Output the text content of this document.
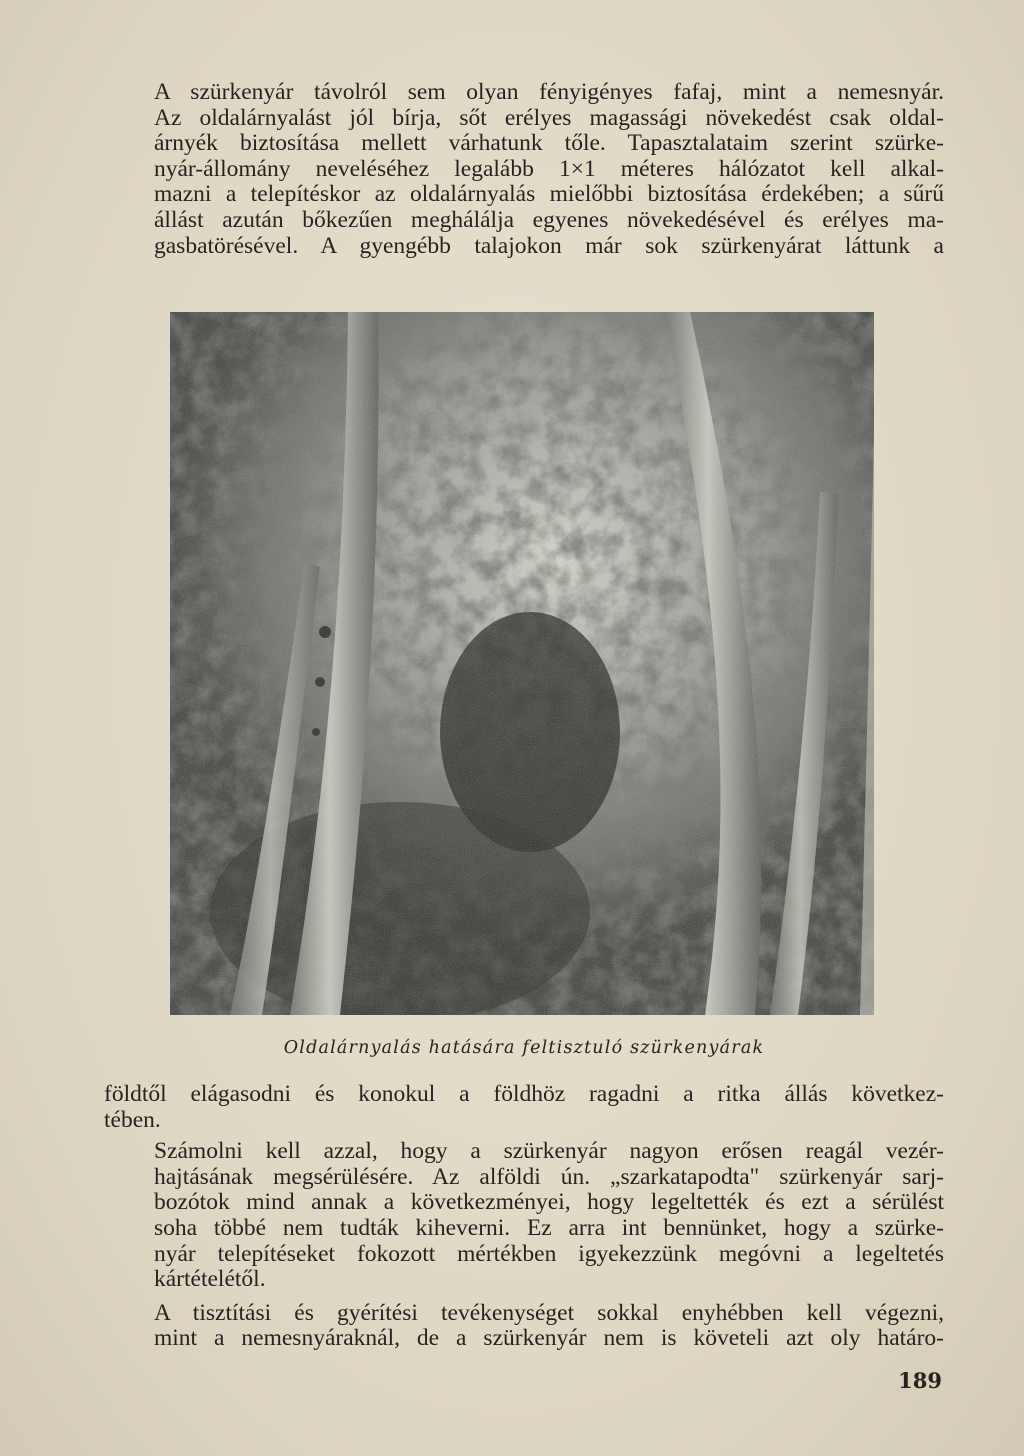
A szürkenyár távolról sem olyan fényigényes fafaj, mint a nemesnyár.
Az oldalárnyalást jól bírja, sőt erélyes magassági növekedést csak oldal-
árnyék biztosítása mellett várhatunk tőle. Tapasztalataim szerint szürke-
nyár-állomány neveléséhez legalább 1×1 méteres hálózatot kell alkal-
mazni a telepítéskor az oldalárnyalás mielőbbi biztosítása érdekében; a sűrű
állást azután bőkezűen meghálálja egyenes növekedésével és erélyes ma-
gasbatörésével. A gyengébb talajokon már sok szürkenyárat láttunk a

Oldalárnyalás hatására feltisztuló szürkenyárak

földtől elágasodni és konokul a földhöz ragadni a ritka állás következ-
tében.

Számolni kell azzal, hogy a szürkenyár nagyon erősen reagál vezér-
hajtásának megsérülésére. Az alföldi ún. „szarkatapodta" szürkenyár sarj-
bozótok mind annak a következményei, hogy legeltették és ezt a sérülést
soha többé nem tudták kiheverni. Ez arra int bennünket, hogy a szürke-
nyár telepítéseket fokozott mértékben igyekezzünk megóvni a legeltetés
kártételétől.

A tisztítási és gyérítési tevékenységet sokkal enyhébben kell végezni,
mint a nemesnyáraknál, de a szürkenyár nem is követeli azt oly határo-

189
